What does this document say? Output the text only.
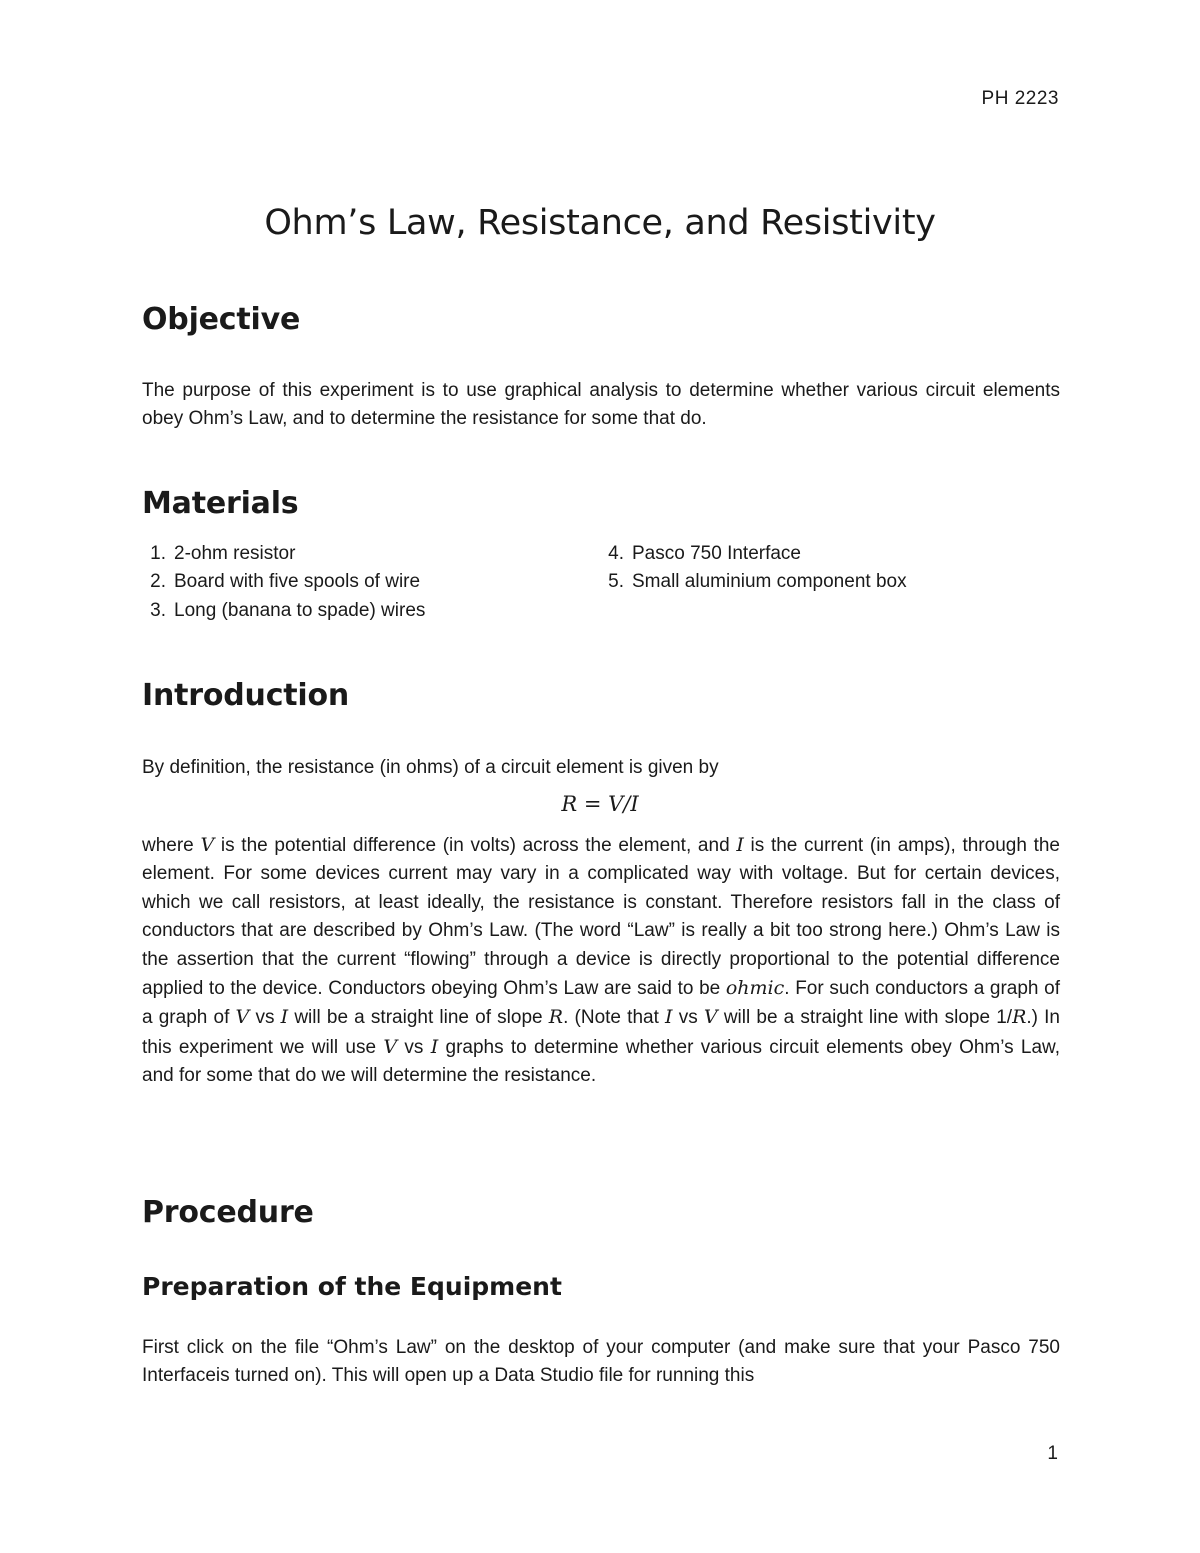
PH 2223
Ohm’s Law, Resistance, and Resistivity
Objective

The purpose of this experiment is to use graphical analysis to determine whether various circuit elements obey Ohm’s Law, and to determine the resistance for some that do.

Materials
1. 2-ohm resistor
2. Board with five spools of wire
3. Long (banana to spade) wires
4. Pasco 750 Interface
5. Small aluminium component box
Introduction

By definition, the resistance (in ohms) of a circuit element is given by

R = V/I

where V is the potential difference (in volts) across the element, and I is the current (in amps), through the element. For some devices current may vary in a complicated way with voltage. But for certain devices, which we call resistors, at least ideally, the resistance is constant. Therefore resistors fall in the class of conductors that are described by Ohm’s Law. (The word “Law” is really a bit too strong here.) Ohm’s Law is the assertion that the current “flowing” through a device is directly proportional to the potential difference applied to the device. Conductors obeying Ohm’s Law are said to be ohmic. For such conductors a graph of a graph of V vs I will be a straight line of slope R. (Note that I vs V will be a straight line with slope 1/R.) In this experiment we will use V vs I graphs to determine whether various circuit elements obey Ohm’s Law, and for some that do we will determine the resistance.

Procedure
Preparation of the Equipment

First click on the file “Ohm’s Law” on the desktop of your computer (and make sure that your Pasco 750 Interfaceis turned on). This will open up a Data Studio file for running this

1
